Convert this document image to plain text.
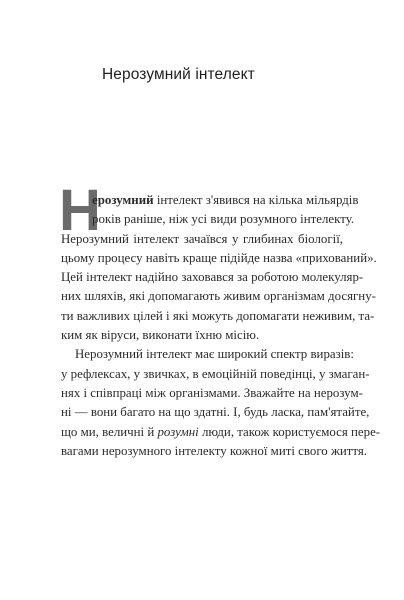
Нерозумний інтелект
Н
ерозумний інтелект з'явився на кілька мільярдів
років раніше, ніж усі види розумного інтелекту.
Нерозумний інтелект зачаївся у глибинах біології,
цьому процесу навіть краще підійде назва «прихований».
Цей інтелект надійно заховався за роботою молекуляр-
них шляхів, які допомагають живим організмам досягну-
ти важливих цілей і які можуть допомагати неживим, та-
ким як віруси, виконати їхню місію.
Нерозумний інтелект має широкий спектр виразів:
у рефлексах, у звичках, в емоційній поведінці, у змаган-
нях і співпраці між організмами. Зважайте на нерозум-
ні — вони багато на що здатні. І, будь ласка, пам'ятайте,
що ми, величні й розумні люди, також користуємося пере-
вагами нерозумного інтелекту кожної миті свого життя.
